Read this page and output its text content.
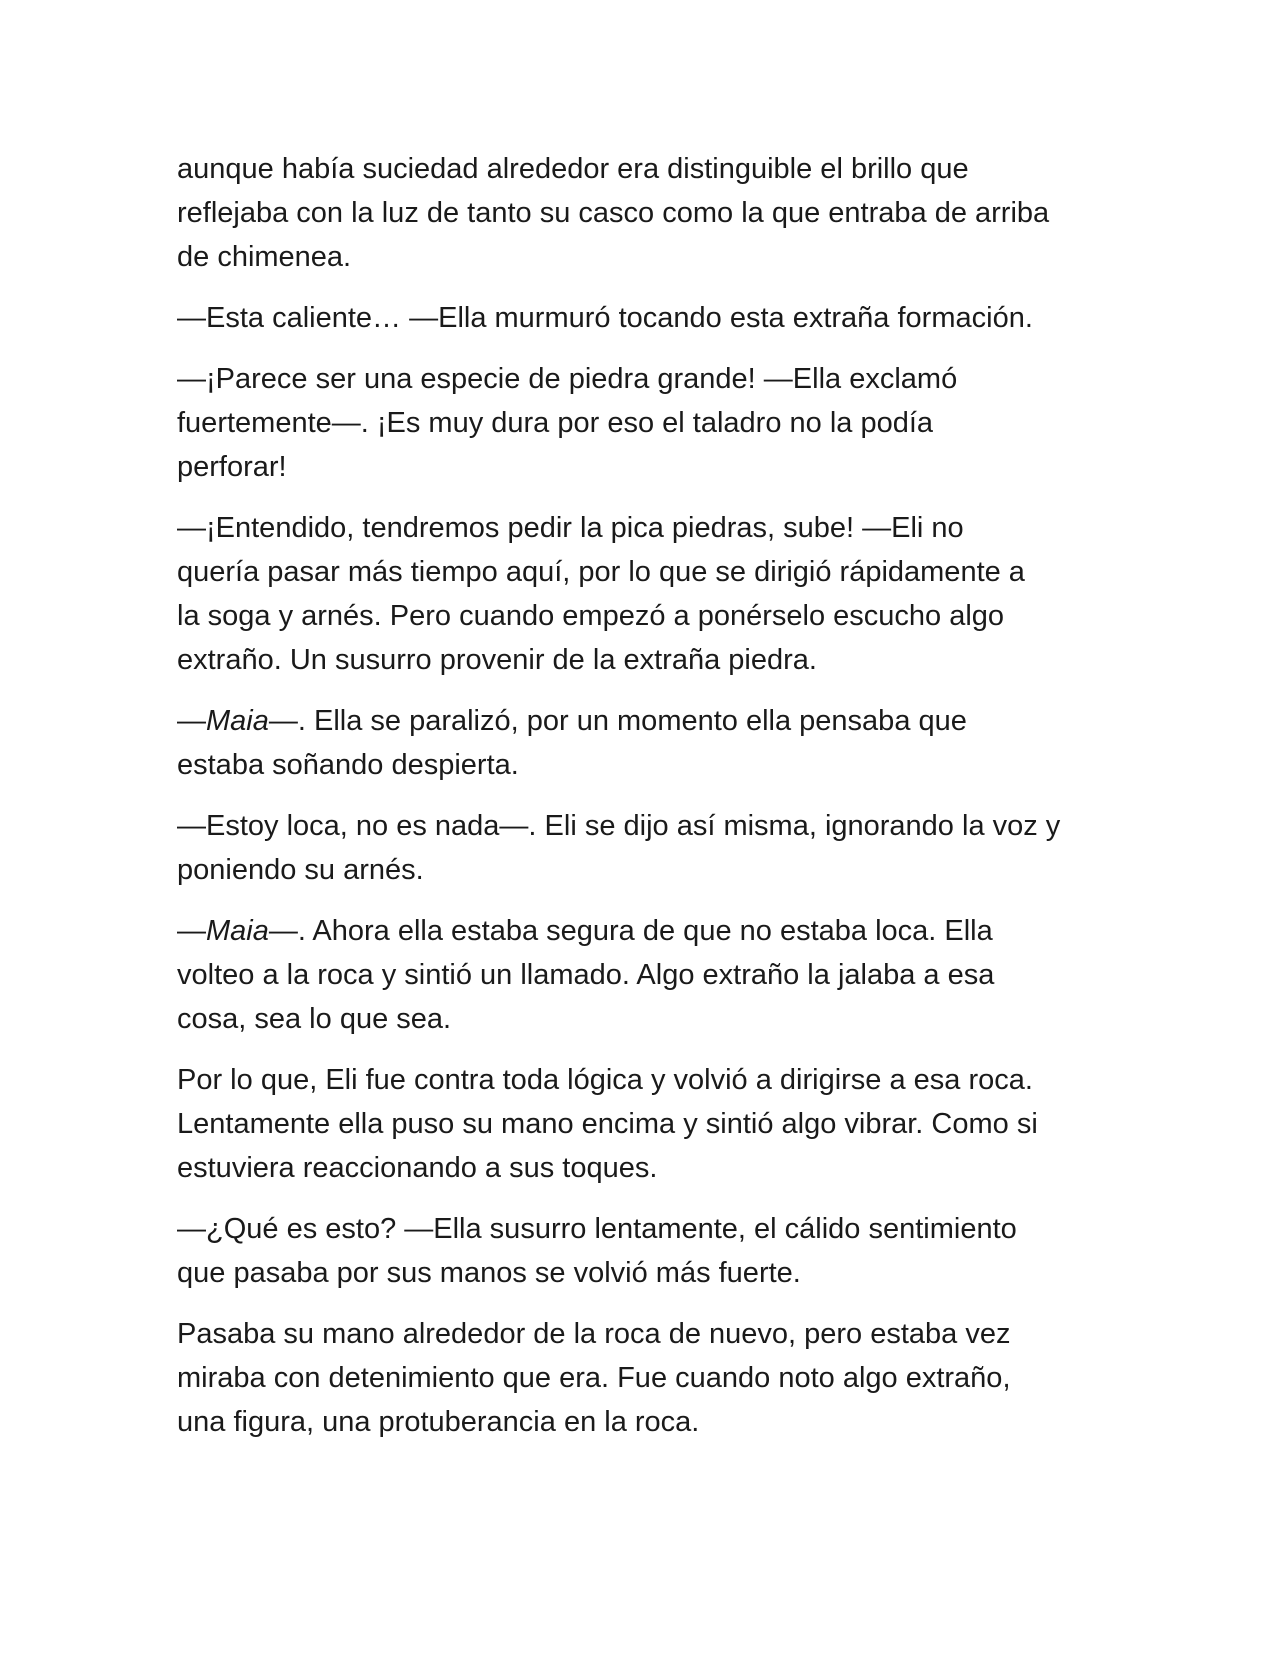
aunque había suciedad alrededor era distinguible el brillo que
reflejaba con la luz de tanto su casco como la que entraba de arriba
de chimenea.

—Esta caliente… —Ella murmuró tocando esta extraña formación.

—¡Parece ser una especie de piedra grande! —Ella exclamó
fuertemente—. ¡Es muy dura por eso el taladro no la podía
perforar!

—¡Entendido, tendremos pedir la pica piedras, sube! —Eli no
quería pasar más tiempo aquí, por lo que se dirigió rápidamente a
la soga y arnés. Pero cuando empezó a ponérselo escucho algo
extraño. Un susurro provenir de la extraña piedra.

—Maia—. Ella se paralizó, por un momento ella pensaba que
estaba soñando despierta.

—Estoy loca, no es nada—. Eli se dijo así misma, ignorando la voz y
poniendo su arnés.

—Maia—. Ahora ella estaba segura de que no estaba loca. Ella
volteo a la roca y sintió un llamado. Algo extraño la jalaba a esa
cosa, sea lo que sea.

Por lo que, Eli fue contra toda lógica y volvió a dirigirse a esa roca.
Lentamente ella puso su mano encima y sintió algo vibrar. Como si
estuviera reaccionando a sus toques.

—¿Qué es esto? —Ella susurro lentamente, el cálido sentimiento
que pasaba por sus manos se volvió más fuerte.

Pasaba su mano alrededor de la roca de nuevo, pero estaba vez
miraba con detenimiento que era. Fue cuando noto algo extraño,
una figura, una protuberancia en la roca.
